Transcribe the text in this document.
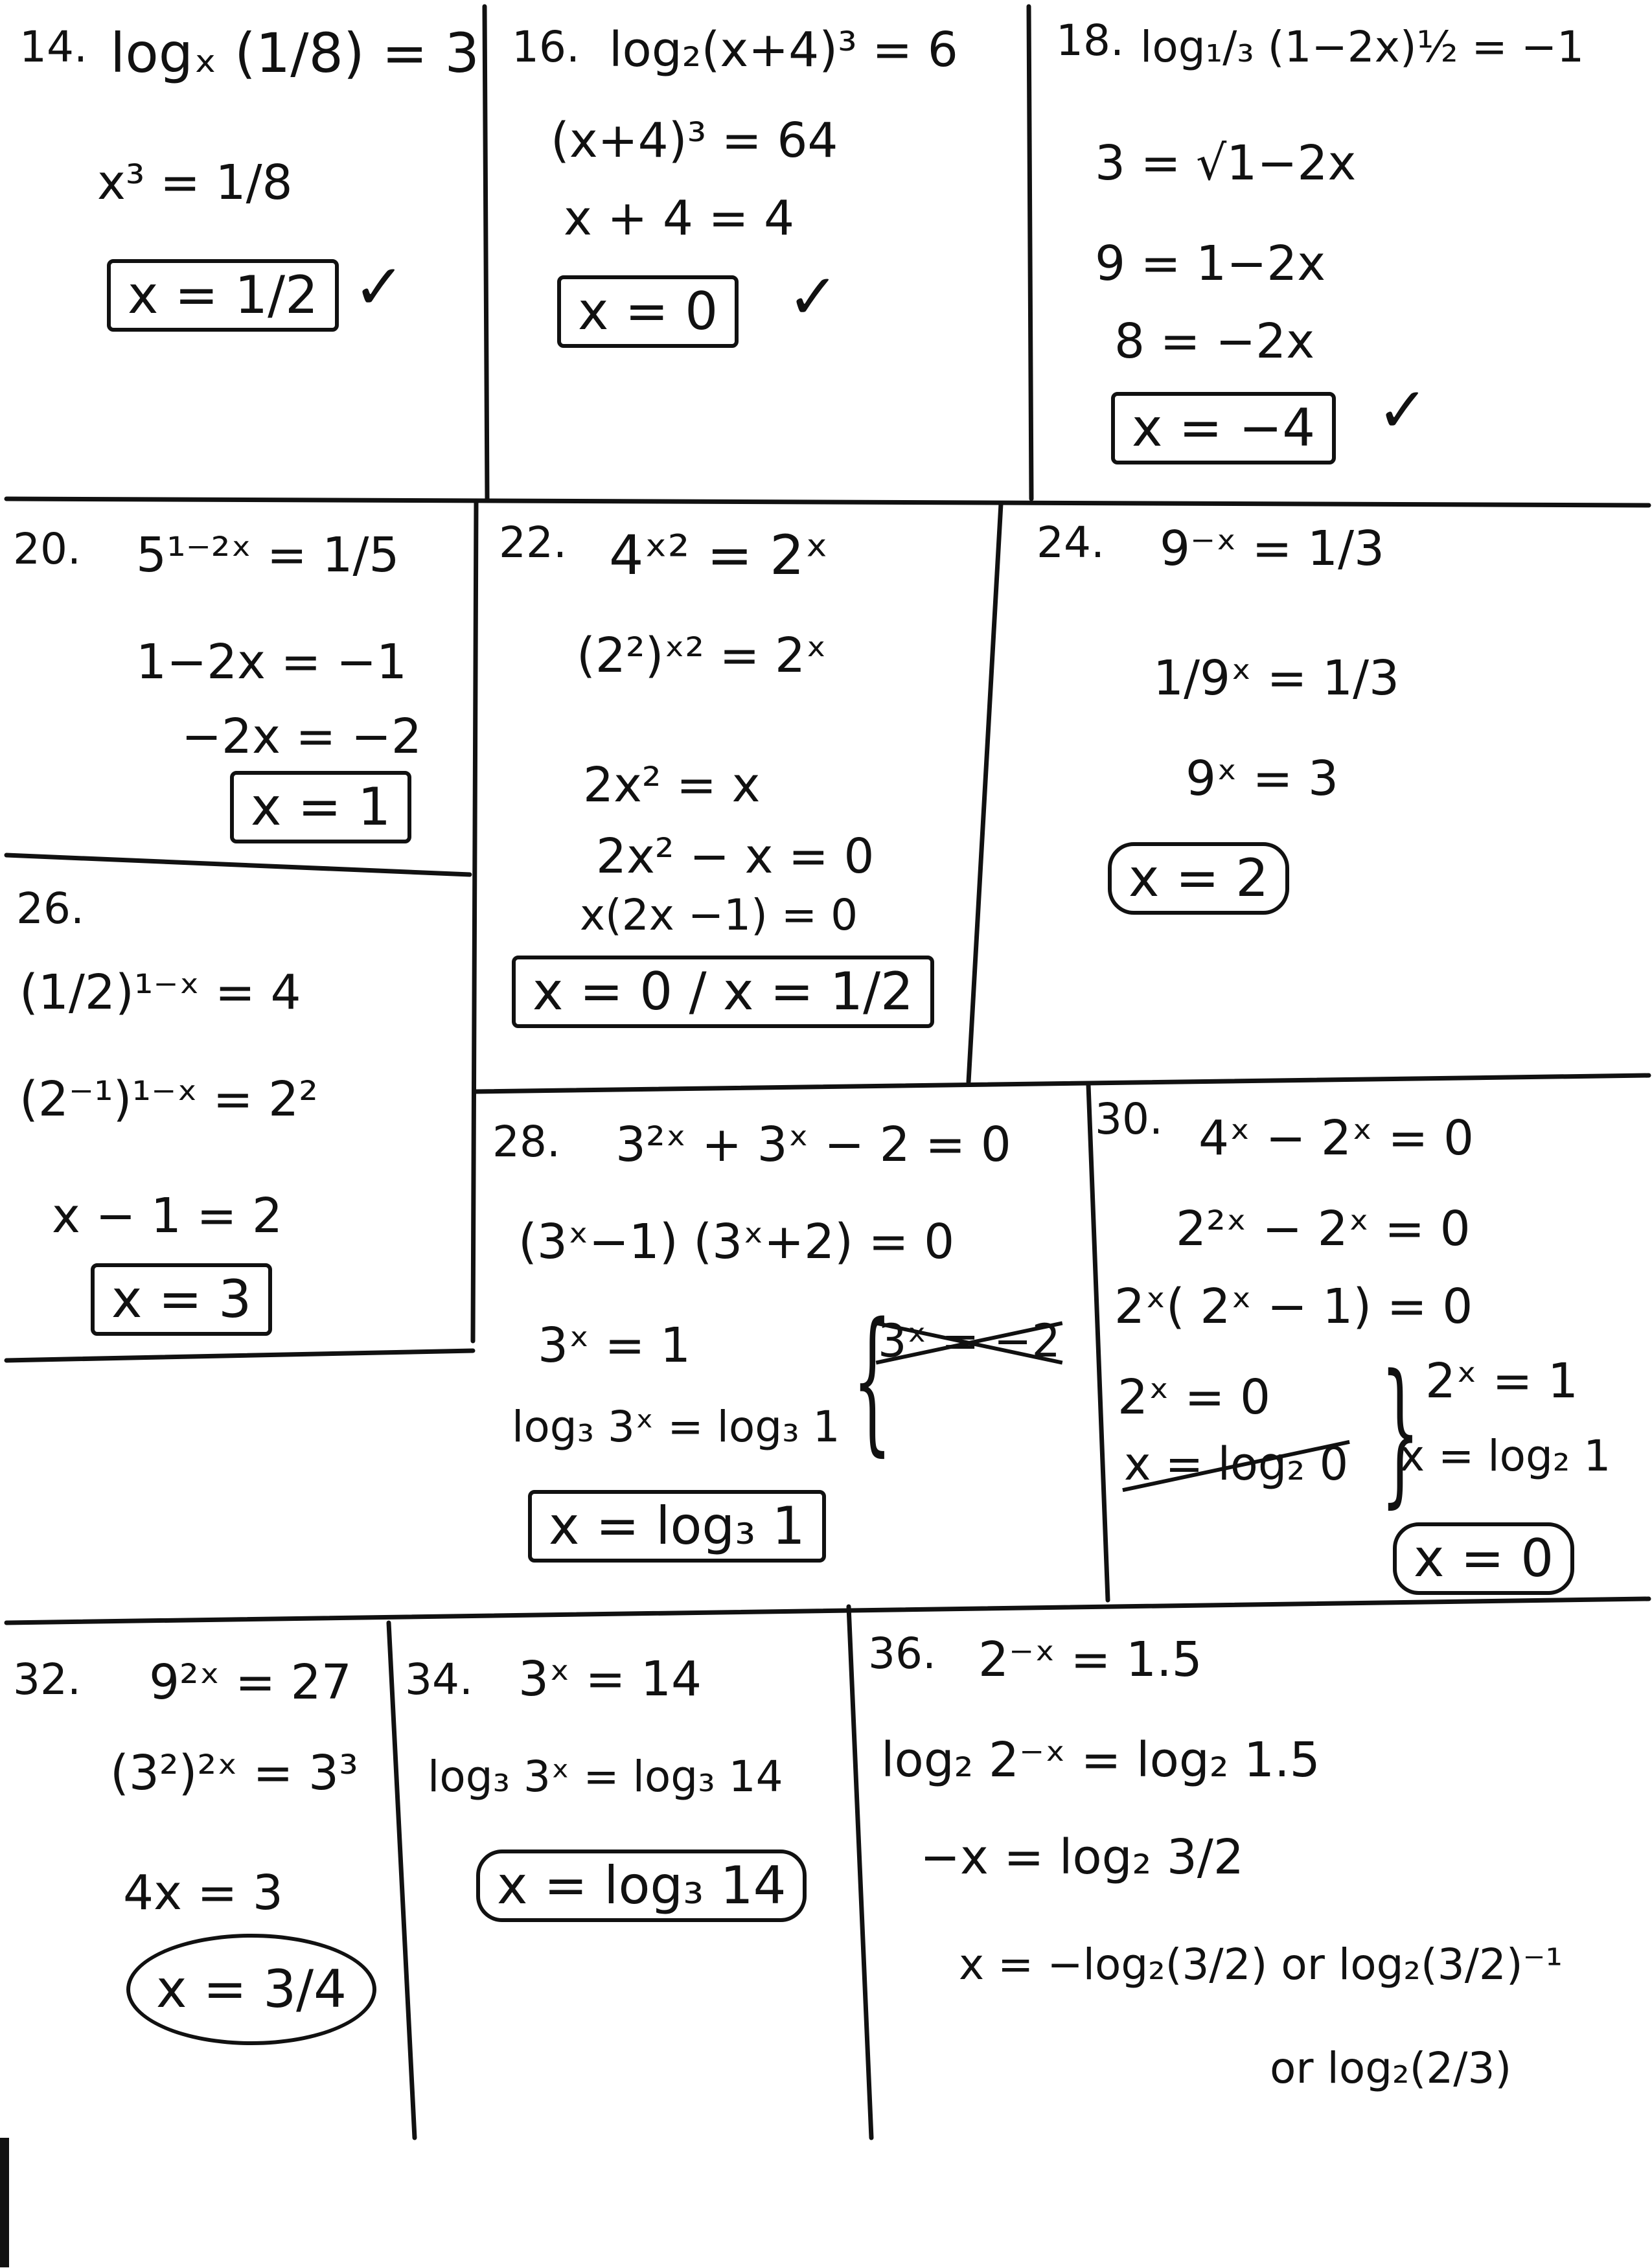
14. logₓ (1/8) = 3
x³ = 1/8
x = 1/2 ✓
16. log₂(x+4)³ = 6
(x+4)³ = 64
x + 4 = 4
x = 0	✓
18. log₁/₃ (1−2x)½ = −1
3 = √1−2x
9 = 1−2x
8 = −2x
x = −4 ✓
20. 5¹⁻²ˣ = 1/5
1−2x = −1
−2x = −2
x = 1
22. 4ˣ² = 2ˣ
(2²)ˣ² = 2ˣ
2x² = x
2x² − x = 0
x(2x −1) = 0
x = 0 / x = 1/2
24. 9⁻ˣ = 1/3
1/9ˣ = 1/3
9ˣ = 3
x = 2
26.
(1/2)¹⁻ˣ = 4
(2⁻¹)¹⁻ˣ = 2²
x − 1 = 2
x = 3
28. 3²ˣ + 3ˣ − 2 = 0
(3ˣ−1) (3ˣ+2) = 0
3ˣ = 1	3ˣ = −2
{
log₃ 3ˣ = log₃ 1
x = log₃ 1
30. 4ˣ − 2ˣ = 0
2²ˣ − 2ˣ = 0
2ˣ( 2ˣ − 1) = 0
2ˣ = 0
x = log₂ 0 } 2ˣ = 1
x = log₂ 1
x = 0
32. 9²ˣ = 27
(3²)²ˣ = 3³
4x = 3
x = 3/4
34. 3ˣ = 14
log₃ 3ˣ = log₃ 14
x = log₃ 14
36. 2⁻ˣ = 1.5
log₂ 2⁻ˣ = log₂ 1.5
−x = log₂ 3/2
x = −log₂(3/2) or log₂(3/2)⁻¹
or log₂(2/3)
